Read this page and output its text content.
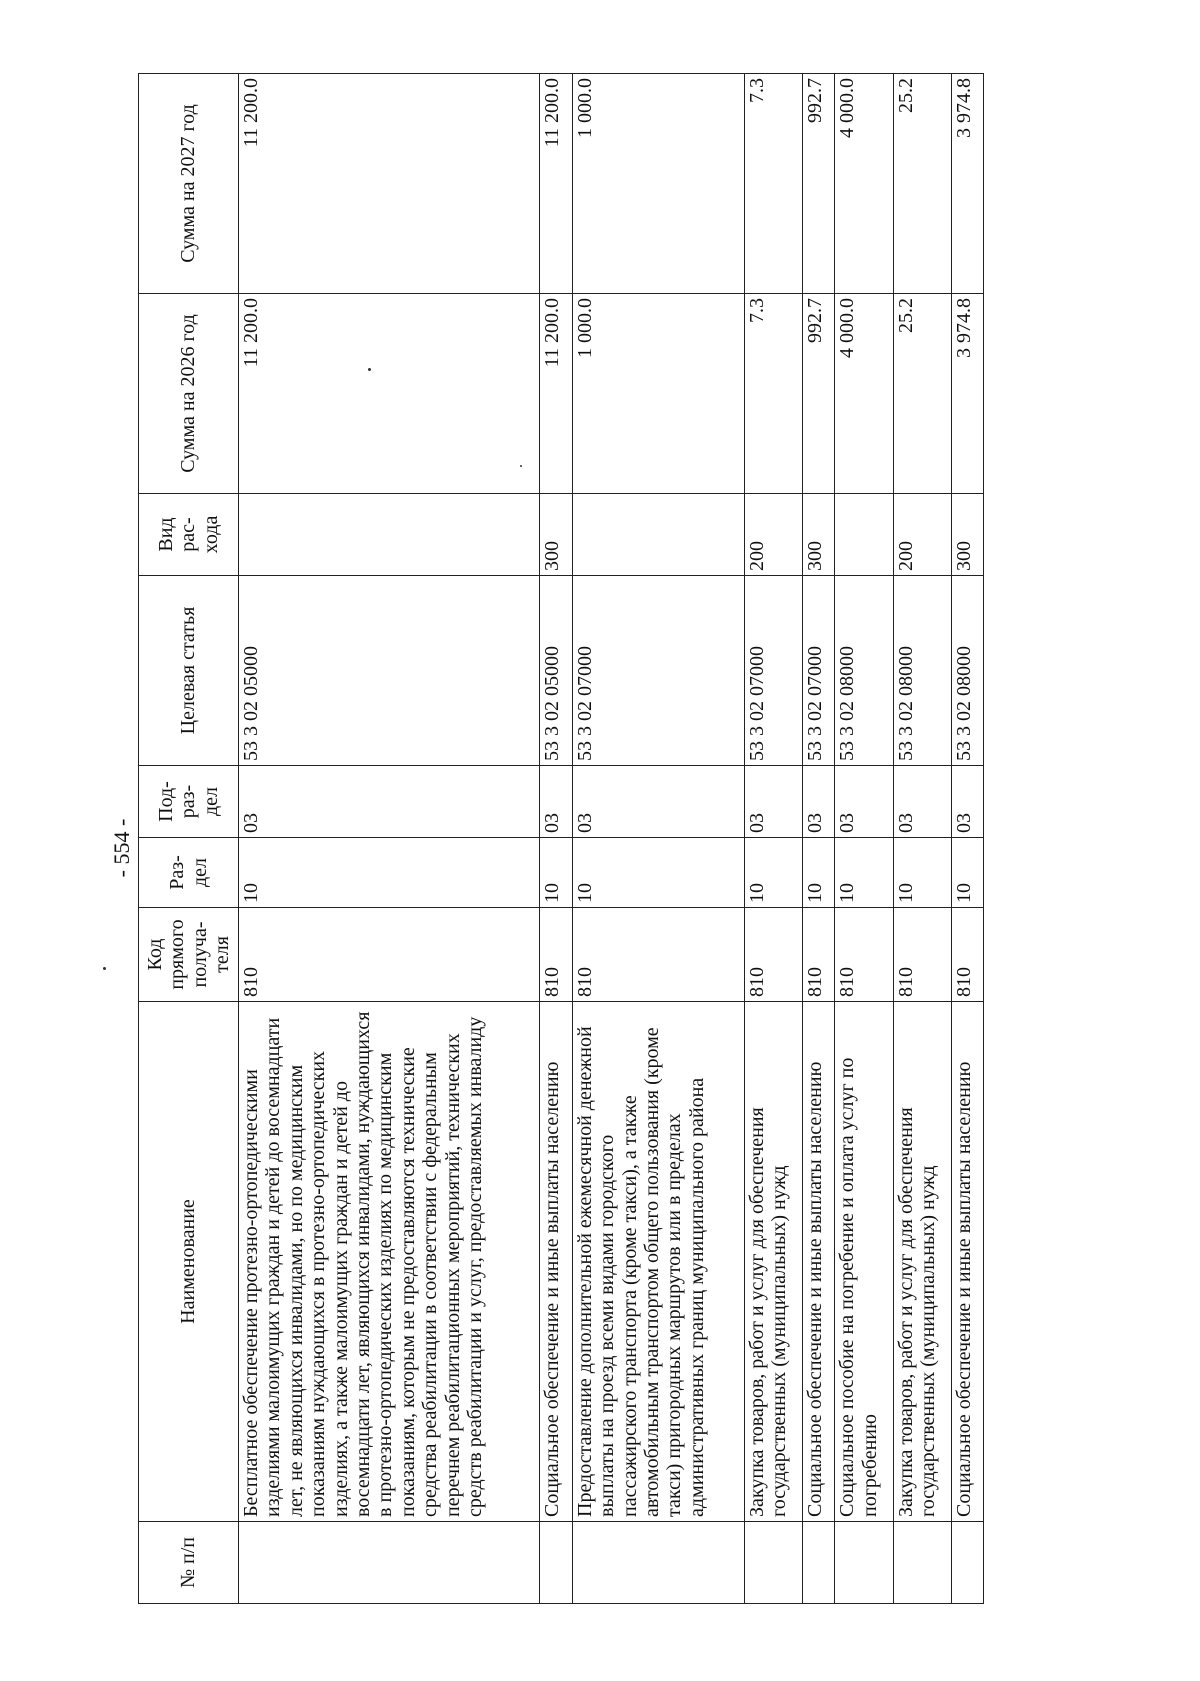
- 554 -
№ п/п	Наименование	Код прямого получа- теля	Раз- дел	Под- раз- дел	Целевая статья	Вид рас- хода	Сумма на 2026 год	Сумма на 2027 год
	Бесплатное обеспечение протезно-ортопедическими изделиями малоимущих граждан и детей до восемнадцати лет, не являющихся инвалидами, но по медицинским показаниям нуждающихся в протезно-ортопедических изделиях, а также малоимущих граждан и детей до восемнадцати лет, являющихся инвалидами, нуждающихся в протезно-ортопедических изделиях по медицинским показаниям, которым не предоставляются технические средства реабилитации в соответствии с федеральным перечнем реабилитационных мероприятий, технических средств реабилитации и услуг, предоставляемых инвалиду	810	10	03	53 3 02 05000		11 200.0	11 200.0
	Социальное обеспечение и иные выплаты населению	810	10	03	53 3 02 05000	300	11 200.0	11 200.0
	Предоставление дополнительной ежемесячной денежной выплаты на проезд всеми видами городского пассажирского транспорта (кроме такси), а также автомобильным транспортом общего пользования (кроме такси) пригородных маршрутов или в пределах административных границ муниципального района	810	10	03	53 3 02 07000		1 000.0	1 000.0
	Закупка товаров, работ и услуг для обеспечения государственных (муниципальных) нужд	810	10	03	53 3 02 07000	200	7.3	7.3
	Социальное обеспечение и иные выплаты населению	810	10	03	53 3 02 07000	300	992.7	992.7
	Социальное пособие на погребение и оплата услуг по погребению	810	10	03	53 3 02 08000		4 000.0	4 000.0
	Закупка товаров, работ и услуг для обеспечения государственных (муниципальных) нужд	810	10	03	53 3 02 08000	200	25.2	25.2
	Социальное обеспечение и иные выплаты населению	810	10	03	53 3 02 08000	300	3 974.8	3 974.8
